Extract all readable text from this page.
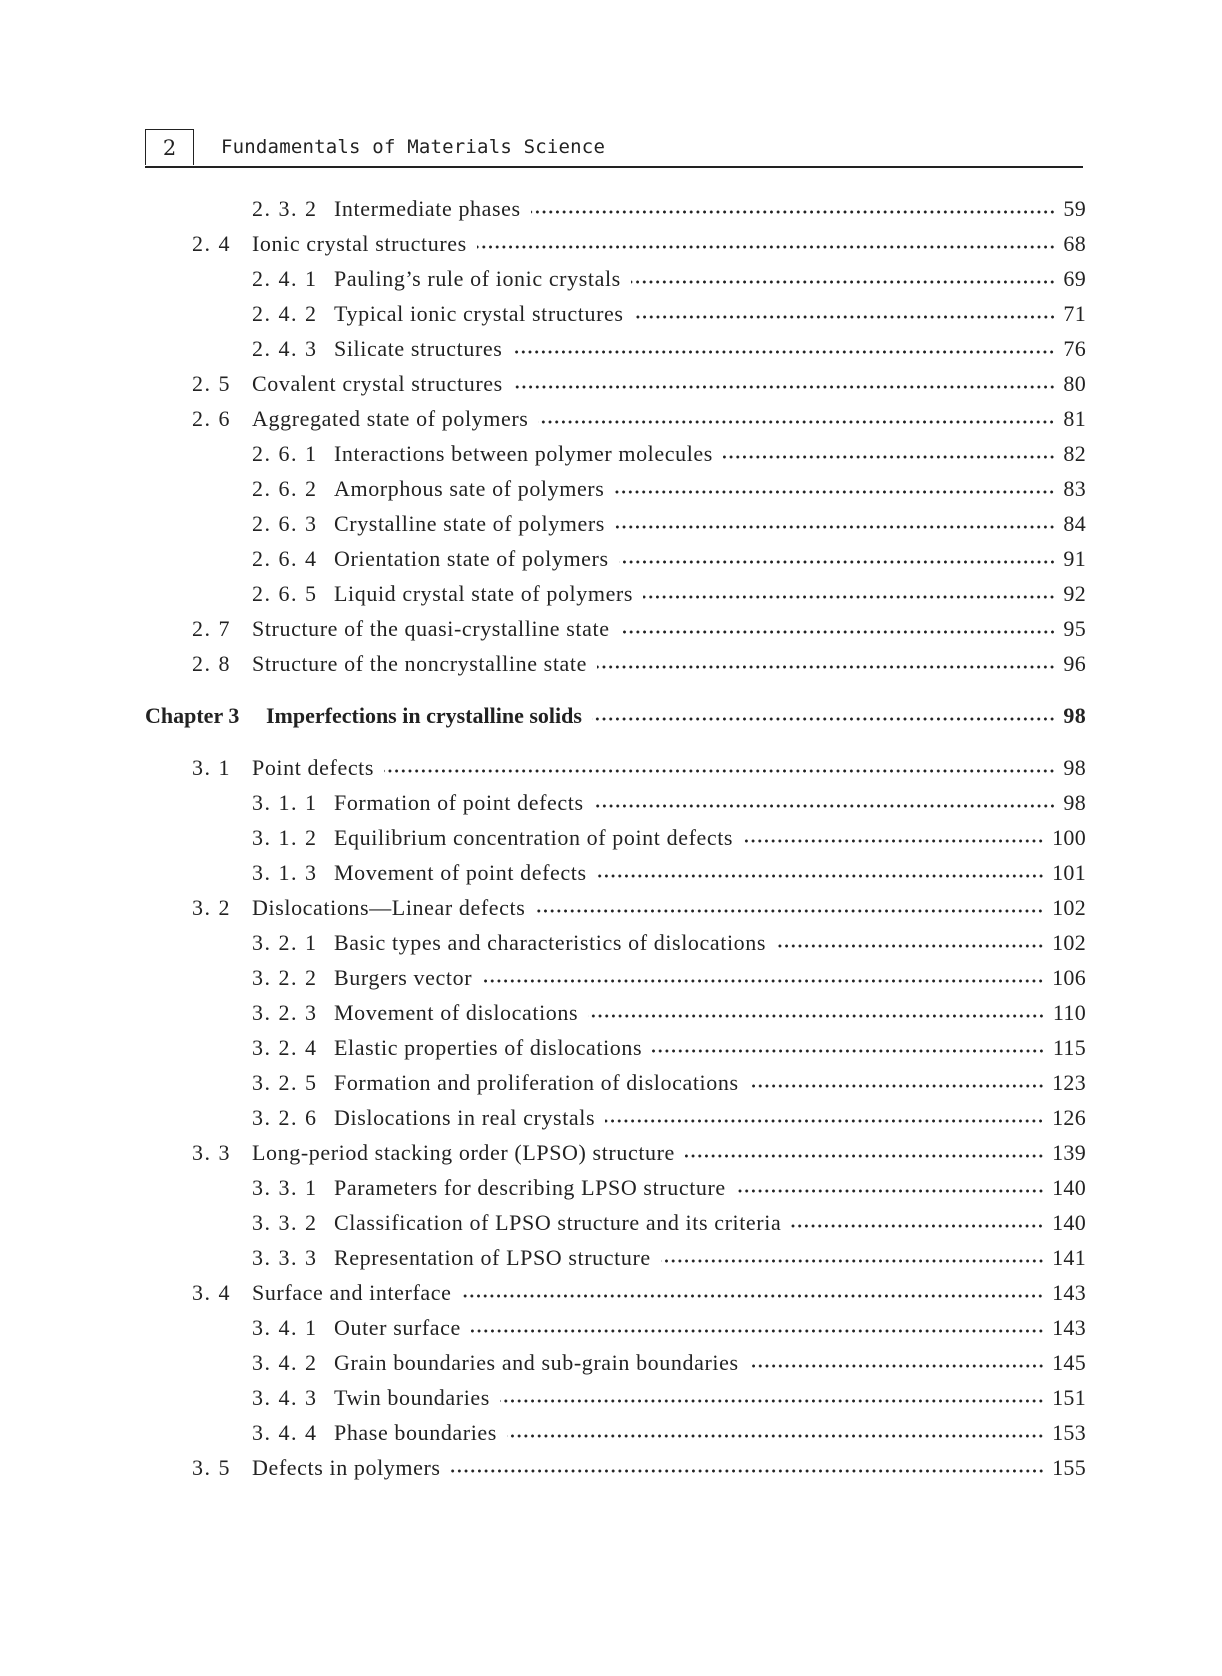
2	Fundamentals of Materials Science
2. 3. 2 Intermediate phases	59
2. 4 Ionic crystal structures	68
2. 4. 1 Pauling’s rule of ionic crystals	69
2. 4. 2 Typical ionic crystal structures	71
2. 4. 3 Silicate structures	76
2. 5 Covalent crystal structures	80
2. 6 Aggregated state of polymers	81
2. 6. 1 Interactions between polymer molecules	82
2. 6. 2 Amorphous sate of polymers	83
2. 6. 3 Crystalline state of polymers	84
2. 6. 4 Orientation state of polymers	91
2. 6. 5 Liquid crystal state of polymers	92
2. 7 Structure of the quasi-crystalline state	95
2. 8 Structure of the noncrystalline state	96
Chapter 3	Imperfections in crystalline solids	98
3. 1 Point defects	98
3. 1. 1 Formation of point defects	98
3. 1. 2 Equilibrium concentration of point defects	100
3. 1. 3 Movement of point defects	101
3. 2 Dislocations—Linear defects	102
3. 2. 1 Basic types and characteristics of dislocations	102
3. 2. 2 Burgers vector	106
3. 2. 3 Movement of dislocations	110
3. 2. 4 Elastic properties of dislocations	115
3. 2. 5 Formation and proliferation of dislocations	123
3. 2. 6 Dislocations in real crystals	126
3. 3 Long-period stacking order (LPSO) structure	139
3. 3. 1 Parameters for describing LPSO structure	140
3. 3. 2 Classification of LPSO structure and its criteria	140
3. 3. 3 Representation of LPSO structure	141
3. 4 Surface and interface	143
3. 4. 1 Outer surface	143
3. 4. 2 Grain boundaries and sub-grain boundaries	145
3. 4. 3 Twin boundaries	151
3. 4. 4 Phase boundaries	153
3. 5 Defects in polymers	155
